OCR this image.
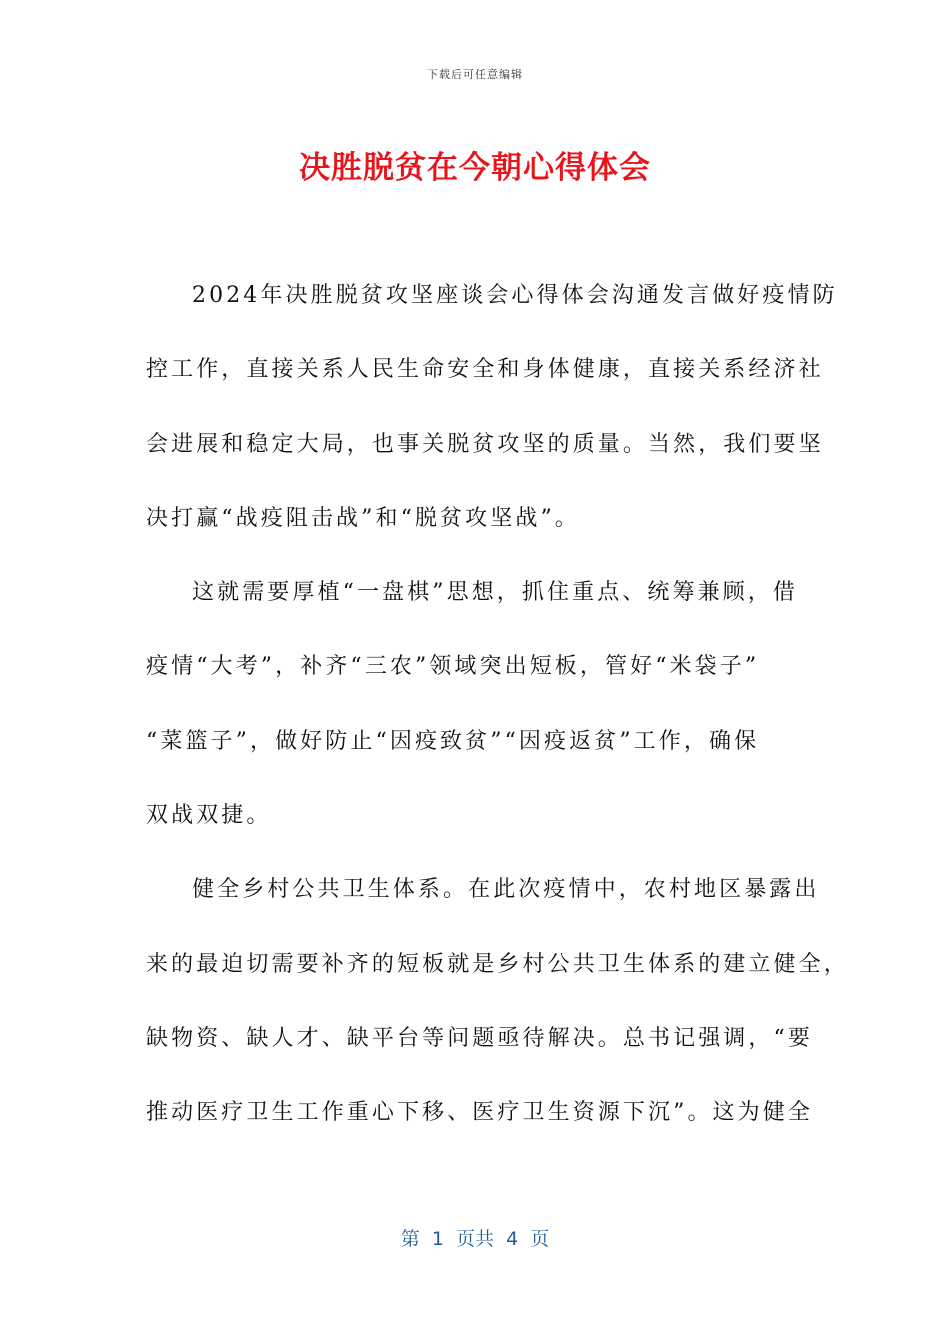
下载后可任意编辑
决胜脱贫在今朝心得体会
2024年决胜脱贫攻坚座谈会心得体会沟通发言做好疫情防
控工作，直接关系人民生命安全和身体健康，直接关系经济社
会进展和稳定大局，也事关脱贫攻坚的质量。当然，我们要坚
决打赢“战疫阻击战”和“脱贫攻坚战”。
这就需要厚植“一盘棋”思想，抓住重点、统筹兼顾，借
疫情“大考”，补齐“三农”领域突出短板，管好“米袋子”
“菜篮子”，做好防止“因疫致贫”“因疫返贫”工作，确保
双战双捷。
健全乡村公共卫生体系。在此次疫情中，农村地区暴露出
来的最迫切需要补齐的短板就是乡村公共卫生体系的建立健全，
缺物资、缺人才、缺平台等问题亟待解决。总书记强调，“要
推动医疗卫生工作重心下移、医疗卫生资源下沉”。这为健全
第  1  页共  4  页
